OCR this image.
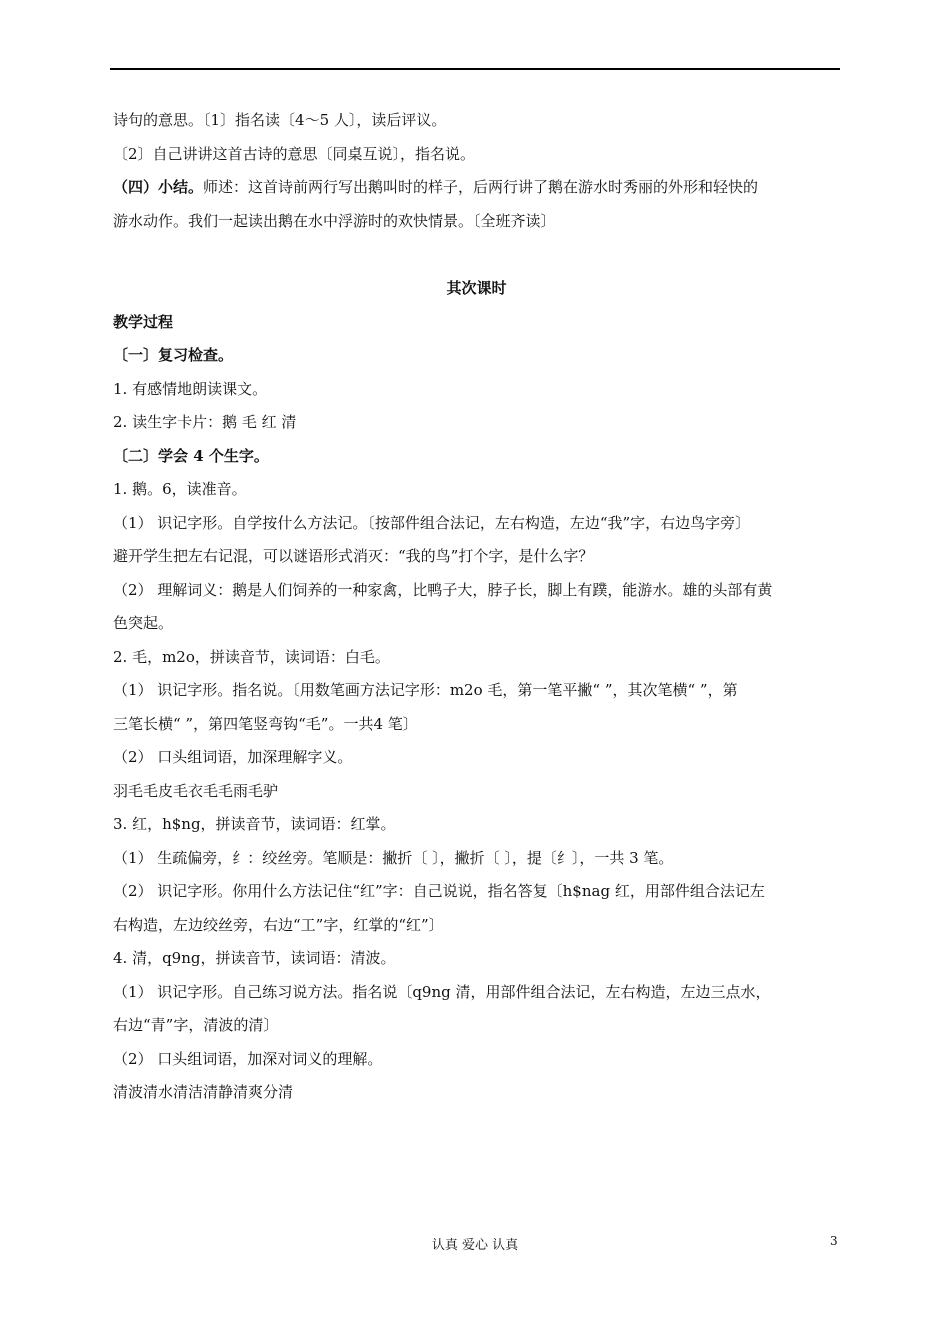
诗句的意思。〔1〕指名读〔4～5 人〕，读后评议。
〔2〕自己讲讲这首古诗的意思〔同桌互说〕，指名说。
（四）小结。师述：这首诗前两行写出鹅叫时的样子，后两行讲了鹅在游水时秀丽的外形和轻快的
游水动作。我们一起读出鹅在水中浮游时的欢快情景。〔全班齐读〕
其次课时
教学过程
〔一〕复习检查。
1. 有感情地朗读课文。
2. 读生字卡片：鹅 毛 红 清
〔二〕学会 4 个生字。
1. 鹅。6，读准音。
（1） 识记字形。自学按什么方法记。〔按部件组合法记，左右构造，左边“我”字，右边鸟字旁〕
避开学生把左右记混，可以谜语形式消灭：“我的鸟”打个字，是什么字？
（2） 理解词义：鹅是人们饲养的一种家禽，比鸭子大，脖子长，脚上有蹼，能游水。雄的头部有黄
色突起。
2. 毛，m2o，拼读音节，读词语：白毛。
（1） 识记字形。指名说。〔用数笔画方法记字形：m2o 毛，第一笔平撇“ ”，其次笔横“ ”，第
三笔长横“ ”，第四笔竖弯钩“毛”。一共4 笔〕
（2） 口头组词语，加深理解字义。
羽毛毛皮毛衣毛毛雨毛驴
3. 红，h$ng，拼读音节，读词语：红掌。
（1） 生疏偏旁，纟：绞丝旁。笔顺是：撇折〔 〕，撇折〔 〕，提〔纟〕，一共 3 笔。
（2） 识记字形。你用什么方法记住“红”字：自己说说，指名答复〔h$nag 红，用部件组合法记左
右构造，左边绞丝旁，右边“工”字，红掌的“红”〕
4. 清，q9ng，拼读音节，读词语：清波。
（1） 识记字形。自己练习说方法。指名说〔q9ng 清，用部件组合法记，左右构造，左边三点水，
右边“青”字，清波的清〕
（2） 口头组词语，加深对词义的理解。
清波清水清洁清静清爽分清
认真 爱心 认真	3
